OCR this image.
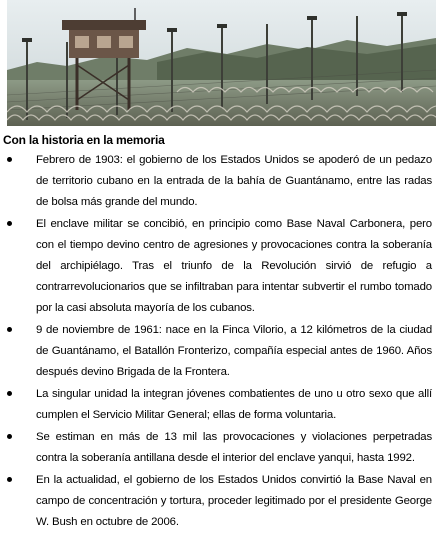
Con la historia en la memoria

Febrero de 1903: el gobierno de los Estados Unidos se apoderó de un pedazo de territorio cubano en la entrada de la bahía de Guantánamo, entre las radas de bolsa más grande del mundo.
El enclave militar se concibió, en principio como Base Naval Carbonera, pero con el tiempo devino centro de agresiones y provocaciones contra la soberanía del archipiélago. Tras el triunfo de la Revolución sirvió de refugio a contrarrevolucionarios que se infiltraban para intentar subvertir el rumbo tomado por la casi absoluta mayoría de los cubanos.
9 de noviembre de 1961: nace en la Finca Vilorio, a 12 kilómetros de la ciudad de Guantánamo, el Batallón Fronterizo, compañía especial antes de 1960. Años después devino Brigada de la Frontera.
La singular unidad la integran jóvenes combatientes de uno u otro sexo que allí cumplen el Servicio Militar General; ellas de forma voluntaria.
Se estiman en más de 13 mil las provocaciones y violaciones perpetradas contra la soberanía antillana desde el interior del enclave yanqui, hasta 1992.
En la actualidad, el gobierno de los Estados Unidos convirtió la Base Naval en campo de concentración y tortura, proceder legitimado por el presidente George W. Bush en octubre de 2006.
